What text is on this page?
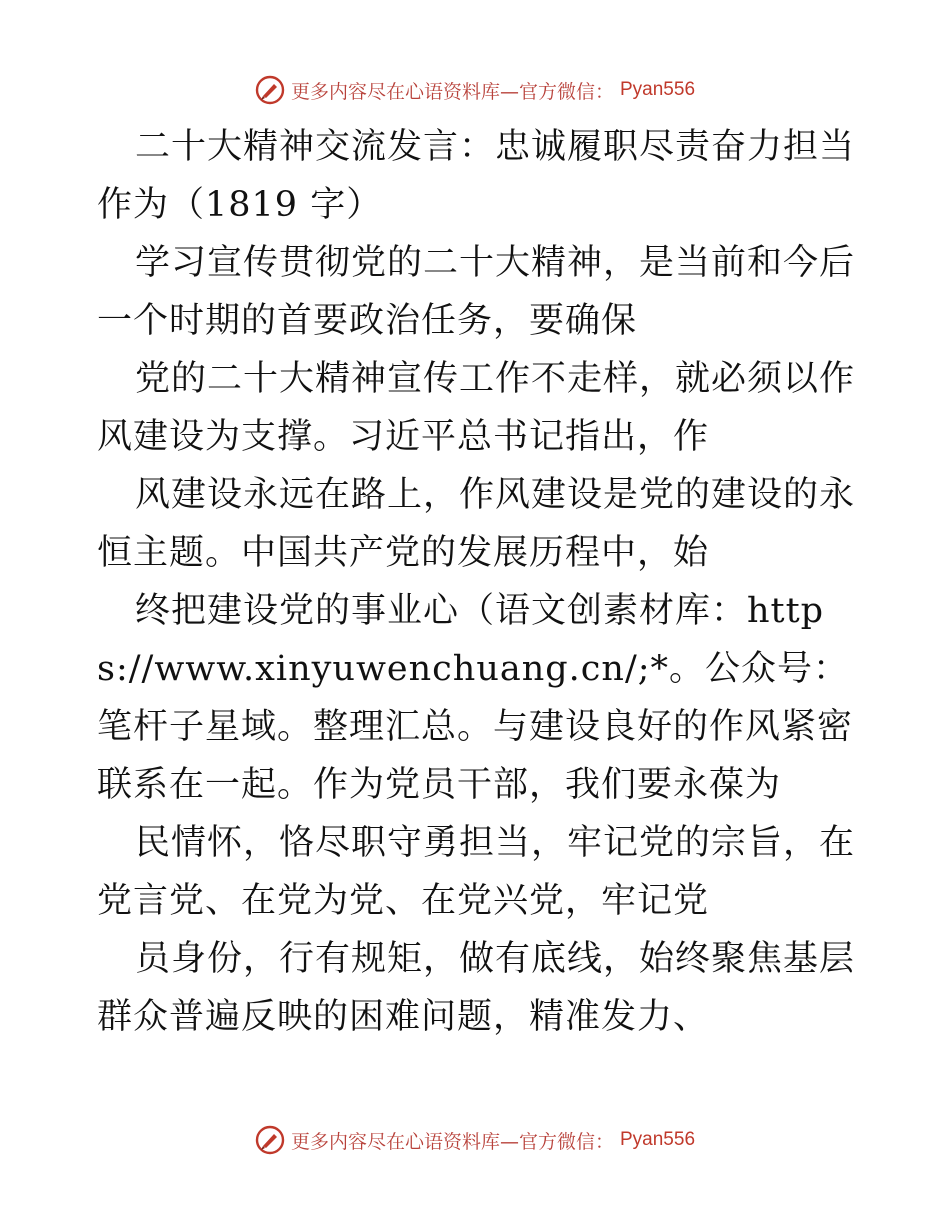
更多内容尽在心语资料库—官方微信： Pyan556

二十大精神交流发言：忠诚履职尽责奋力担当作为（1819 字）

学习宣传贯彻党的二十大精神，是当前和今后一个时期的首要政治任务，要确保

党的二十大精神宣传工作不走样，就必须以作风建设为支撑。习近平总书记指出，作

风建设永远在路上，作风建设是党的建设的永恒主题。中国共产党的发展历程中，始

终把建设党的事业心（语文创素材库：https://www.xinyuwenchuang.cn/;*。公众号：笔杆子星域。整理汇总。与建设良好的作风紧密联系在一起。作为党员干部，我们要永葆为

民情怀，恪尽职守勇担当，牢记党的宗旨，在党言党、在党为党、在党兴党，牢记党

员身份，行有规矩，做有底线，始终聚焦基层群众普遍反映的困难问题，精准发力、

更多内容尽在心语资料库—官方微信： Pyan556
